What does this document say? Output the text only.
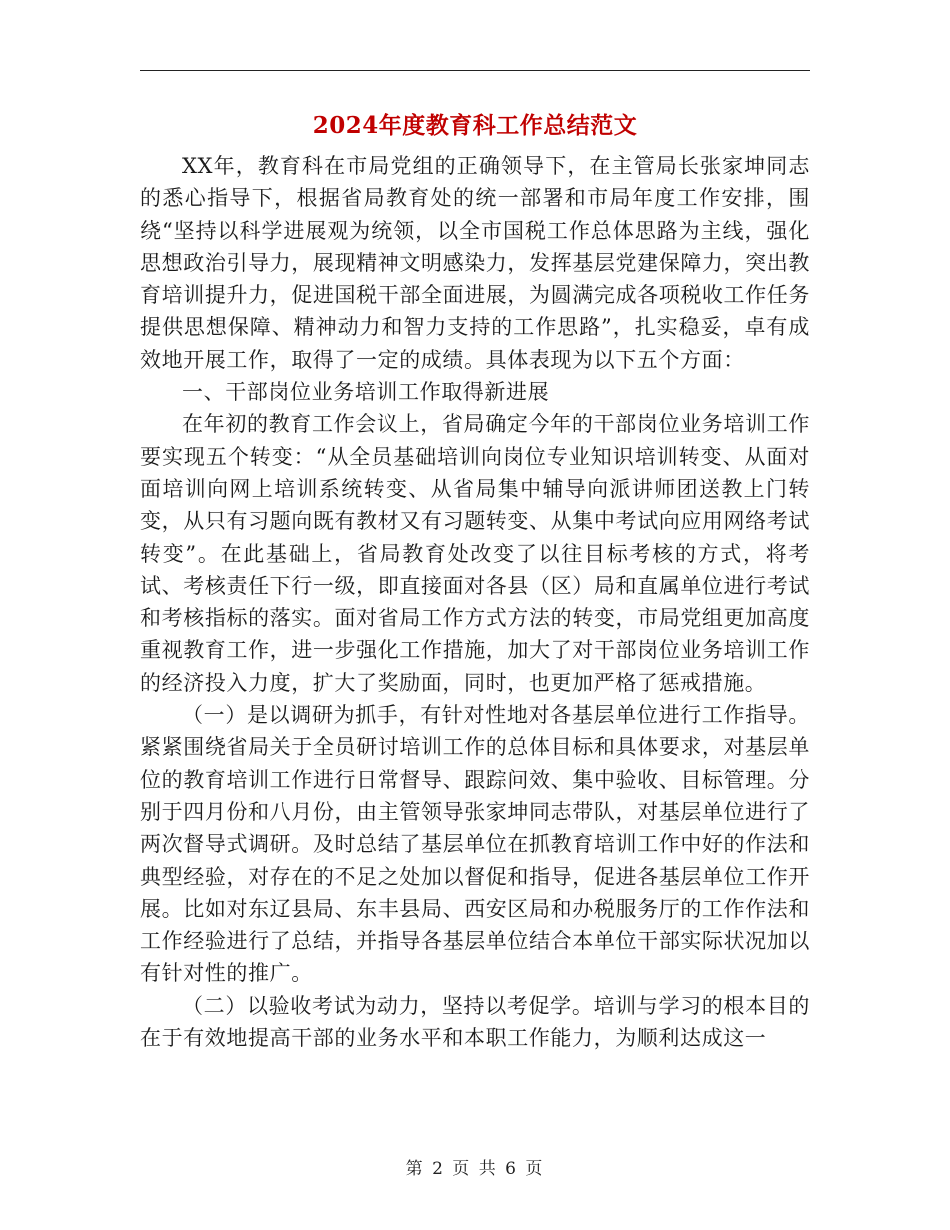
2024年度教育科工作总结范文

XX年，教育科在市局党组的正确领导下，在主管局长张家坤同志的悉心指导下，根据省局教育处的统一部署和市局年度工作安排，围绕“坚持以科学进展观为统领，以全市国税工作总体思路为主线，强化思想政治引导力，展现精神文明感染力，发挥基层党建保障力，突出教育培训提升力，促进国税干部全面进展，为圆满完成各项税收工作任务提供思想保障、精神动力和智力支持的工作思路”，扎实稳妥，卓有成效地开展工作，取得了一定的成绩。具体表现为以下五个方面：

一、干部岗位业务培训工作取得新进展

在年初的教育工作会议上，省局确定今年的干部岗位业务培训工作要实现五个转变：“从全员基础培训向岗位专业知识培训转变、从面对面培训向网上培训系统转变、从省局集中辅导向派讲师团送教上门转变，从只有习题向既有教材又有习题转变、从集中考试向应用网络考试转变”。在此基础上，省局教育处改变了以往目标考核的方式，将考试、考核责任下行一级，即直接面对各县（区）局和直属单位进行考试和考核指标的落实。面对省局工作方式方法的转变，市局党组更加高度重视教育工作，进一步强化工作措施，加大了对干部岗位业务培训工作的经济投入力度，扩大了奖励面，同时，也更加严格了惩戒措施。

（一）是以调研为抓手，有针对性地对各基层单位进行工作指导。紧紧围绕省局关于全员研讨培训工作的总体目标和具体要求，对基层单位的教育培训工作进行日常督导、跟踪问效、集中验收、目标管理。分别于四月份和八月份，由主管领导张家坤同志带队，对基层单位进行了两次督导式调研。及时总结了基层单位在抓教育培训工作中好的作法和典型经验，对存在的不足之处加以督促和指导，促进各基层单位工作开展。比如对东辽县局、东丰县局、西安区局和办税服务厅的工作作法和工作经验进行了总结，并指导各基层单位结合本单位干部实际状况加以有针对性的推广。

（二）以验收考试为动力，坚持以考促学。培训与学习的根本目的在于有效地提高干部的业务水平和本职工作能力，为顺利达成这一

第 2 页 共 6 页
